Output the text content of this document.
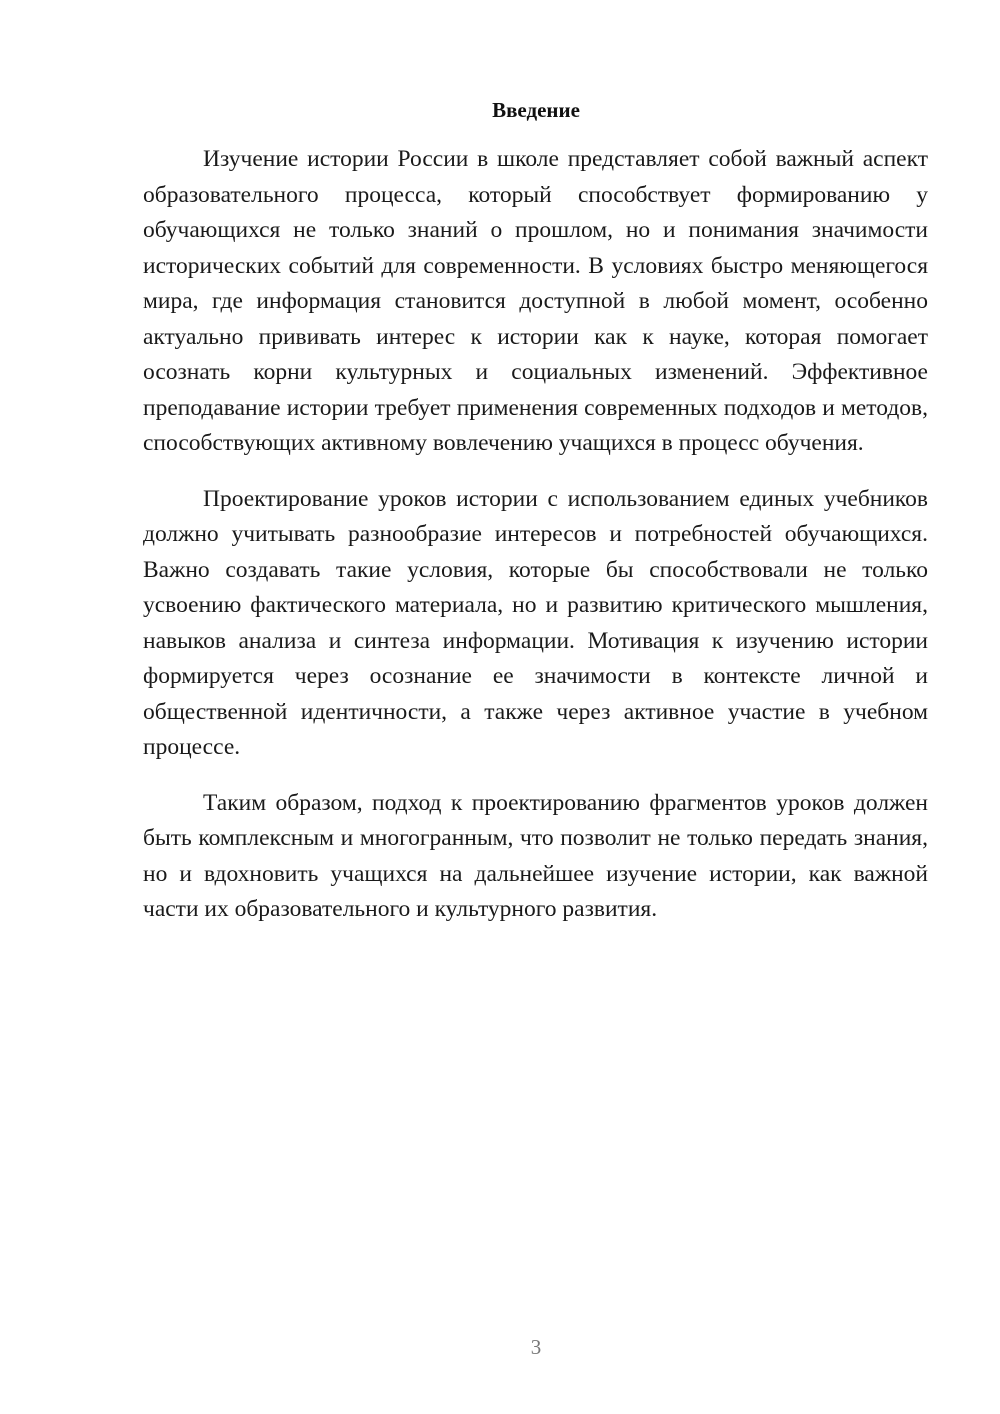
Введение

Изучение истории России в школе представляет собой важный аспект образовательного процесса, который способствует формированию у обучающихся не только знаний о прошлом, но и понимания значимости исторических событий для современности. В условиях быстро меняющегося мира, где информация становится доступной в любой момент, особенно актуально прививать интерес к истории как к науке, которая помогает осознать корни культурных и социальных изменений. Эффективное преподавание истории требует применения современных подходов и методов, способствующих активному вовлечению учащихся в процесс обучения.

Проектирование уроков истории с использованием единых учебников должно учитывать разнообразие интересов и потребностей обучающихся. Важно создавать такие условия, которые бы способствовали не только усвоению фактического материала, но и развитию критического мышления, навыков анализа и синтеза информации. Мотивация к изучению истории формируется через осознание ее значимости в контексте личной и общественной идентичности, а также через активное участие в учебном процессе.

Таким образом, подход к проектированию фрагментов уроков должен быть комплексным и многогранным, что позволит не только передать знания, но и вдохновить учащихся на дальнейшее изучение истории, как важной части их образовательного и культурного развития.

3
